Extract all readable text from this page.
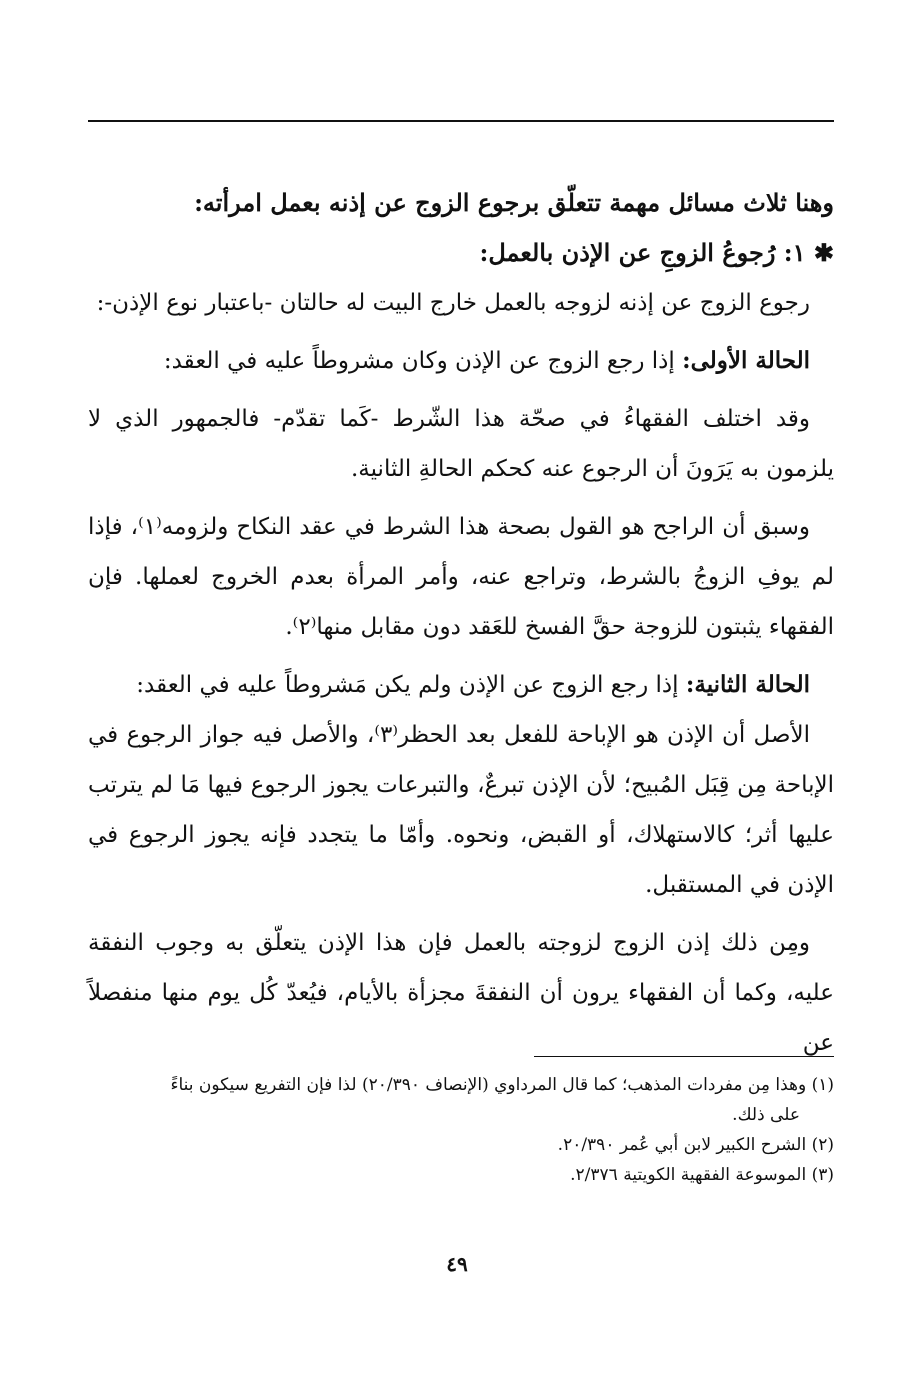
وهنا ثلاث مسائل مهمة تتعلّق برجوع الزوج عن إذنه بعمل امرأته:

✱ ١: رُجوعُ الزوجِ عن الإذن بالعمل:

رجوع الزوج عن إذنه لزوجه بالعمل خارج البيت له حالتان -باعتبار نوع الإذن-:

الحالة الأولى: إذا رجع الزوج عن الإذن وكان مشروطاً عليه في العقد:

وقد اختلف الفقهاءُ في صحّة هذا الشّرط -كَما تقدّم- فالجمهور الذي لا يلزمون به يَرَونَ أن الرجوع عنه كحكم الحالةِ الثانية.

وسبق أن الراجح هو القول بصحة هذا الشرط في عقد النكاح ولزومه⁽١⁾، فإذا لم يوفِ الزوجُ بالشرط، وتراجع عنه، وأمر المرأة بعدم الخروج لعملها. فإن الفقهاء يثبتون للزوجة حقَّ الفسخ للعَقد دون مقابل منها⁽٢⁾.

الحالة الثانية: إذا رجع الزوج عن الإذن ولم يكن مَشروطاً عليه في العقد:

الأصل أن الإذن هو الإباحة للفعل بعد الحظر⁽٣⁾، والأصل فيه جواز الرجوع في الإباحة مِن قِبَل المُبيح؛ لأن الإذن تبرعٌ، والتبرعات يجوز الرجوع فيها مَا لم يترتب عليها أثر؛ كالاستهلاك، أو القبض، ونحوه. وأمّا ما يتجدد فإنه يجوز الرجوع في الإذن في المستقبل.

ومِن ذلك إذن الزوج لزوجته بالعمل فإن هذا الإذن يتعلّق به وجوب النفقة عليه، وكما أن الفقهاء يرون أن النفقةَ مجزأة بالأيام، فيُعدّ كُل يوم منها منفصلاً عن

(١) وهذا مِن مفردات المذهب؛ كما قال المرداوي (الإنصاف ٢٠/٣٩٠) لذا فإن التفريع سيكون بناءً

على ذلك.

(٢) الشرح الكبير لابن أبي عُمر ٢٠/٣٩٠.

(٣) الموسوعة الفقهية الكويتية ٢/٣٧٦.

٤٩
